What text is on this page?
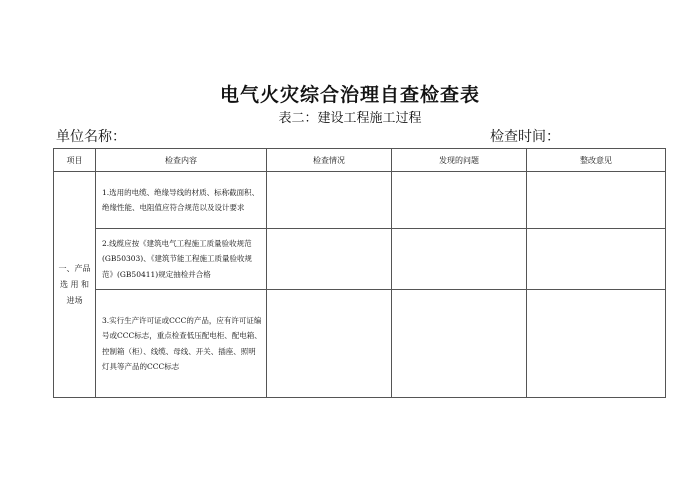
电气火灾综合治理自查检查表
表二：建设工程施工过程
单位名称：	检查时间：
项目	检查内容	检查情况	发现的问题	整改意见

一、产品
选 用 和
进场	1.选用的电缆、绝缘导线的材质、标称截面积、绝缘性能、电阻值应符合规范以及设计要求			
	2.线缆应按《建筑电气工程施工质量验收规范(GB50303)、《建筑节能工程施工质量验收规范》(GB50411)规定抽检并合格			
	3.实行生产许可证或CCC的产品，应有许可证编号或CCC标志，重点检查低压配电柜、配电箱、控制箱（柜）、线缆、母线、开关、插座、照明灯具等产品的CCC标志			
